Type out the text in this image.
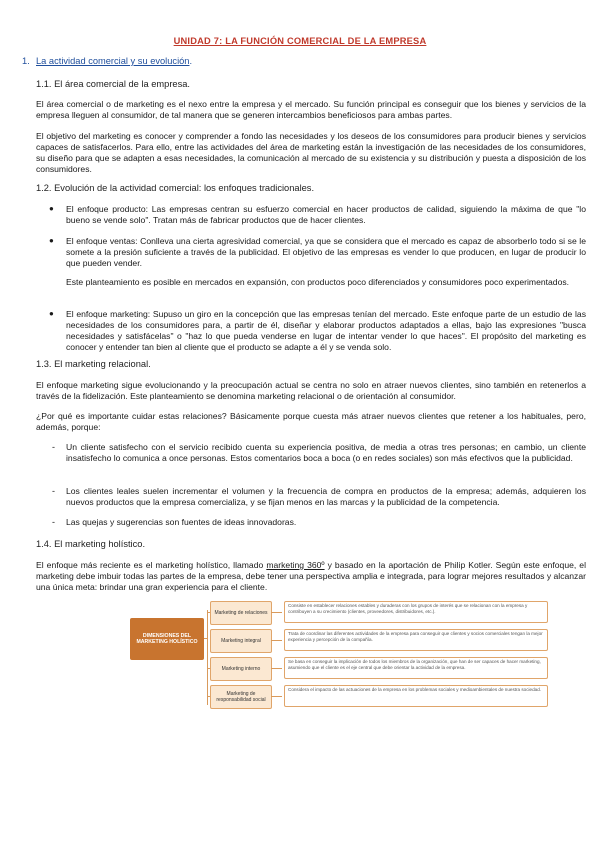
UNIDAD 7: LA FUNCIÓN COMERCIAL DE LA EMPRESA
1. La actividad comercial y su evolución.
1.1. El área comercial de la empresa.
El área comercial o de marketing es el nexo entre la empresa y el mercado. Su función principal es conseguir que los bienes y servicios de la empresa lleguen al consumidor, de tal manera que se generen intercambios beneficiosos para ambas partes.
El objetivo del marketing es conocer y comprender a fondo las necesidades y los deseos de los consumidores para producir bienes y servicios capaces de satisfacerlos. Para ello, entre las actividades del área de marketing están la investigación de las necesidades de los consumidores, su diseño para que se adapten a esas necesidades, la comunicación al mercado de su existencia y su distribución y puesta a disposición de los consumidores.
1.2. Evolución de la actividad comercial: los enfoques tradicionales.
● El enfoque producto: Las empresas centran su esfuerzo comercial en hacer productos de calidad, siguiendo la máxima de que "lo bueno se vende solo". Tratan más de fabricar productos que de hacer clientes.
● El enfoque ventas: Conlleva una cierta agresividad comercial, ya que se considera que el mercado es capaz de absorberlo todo si se le somete a la presión suficiente a través de la publicidad. El objetivo de las empresas es vender lo que producen, en lugar de producir lo que pueden vender.
Este planteamiento es posible en mercados en expansión, con productos poco diferenciados y consumidores poco experimentados.
● El enfoque marketing: Supuso un giro en la concepción que las empresas tenían del mercado. Este enfoque parte de un estudio de las necesidades de los consumidores para, a partir de él, diseñar y elaborar productos adaptados a ellas, bajo las expresiones "busca necesidades y satisfácelas" o "haz lo que pueda venderse en lugar de intentar vender lo que haces". El propósito del marketing es conocer y entender tan bien al cliente que el producto se adapte a él y se venda solo.
1.3. El marketing relacional.
El enfoque marketing sigue evolucionando y la preocupación actual se centra no solo en atraer nuevos clientes, sino también en retenerlos a través de la fidelización. Este planteamiento se denomina marketing relacional o de orientación al consumidor.
¿Por qué es importante cuidar estas relaciones? Básicamente porque cuesta más atraer nuevos clientes que retener a los habituales, pero, además, porque:
- Un cliente satisfecho con el servicio recibido cuenta su experiencia positiva, de media a otras tres personas; en cambio, un cliente insatisfecho lo comunica a once personas. Estos comentarios boca a boca (o en redes sociales) son más efectivos que la publicidad.
- Los clientes leales suelen incrementar el volumen y la frecuencia de compra en productos de la empresa; además, adquieren los nuevos productos que la empresa comercializa, y se fijan menos en las marcas y la publicidad de la competencia.
- Las quejas y sugerencias son fuentes de ideas innovadoras.
1.4. El marketing holístico.
El enfoque más reciente es el marketing holístico, llamado marketing 360º y basado en la aportación de Philip Kotler. Según este enfoque, el marketing debe imbuir todas las partes de la empresa, debe tener una perspectiva amplia e integrada, para lograr mejores resultados y alcanzar una única meta: brindar una gran experiencia para el cliente.
DIMENSIONES DEL MARKETING HOLÍSTICO
Marketing de relaciones
Consiste en establecer relaciones estables y duraderas con los grupos de interés que se relacionan con la empresa y contribuyen a su crecimiento (clientes, proveedores, distribuidores, etc.).
Marketing integral
Trata de coordinar las diferentes actividades de la empresa para conseguir que clientes y socios comerciales tengan la mejor experiencia y percepción de la compañía.
Marketing interno
Se basa en conseguir la implicación de todos los miembros de la organización, que han de ser capaces de hacer marketing, asumiendo que el cliente es el eje central que debe orientar la actividad de la empresa.
Marketing de responsabilidad social
Considera el impacto de las actuaciones de la empresa en los problemas sociales y medioambientales de nuestra sociedad.
